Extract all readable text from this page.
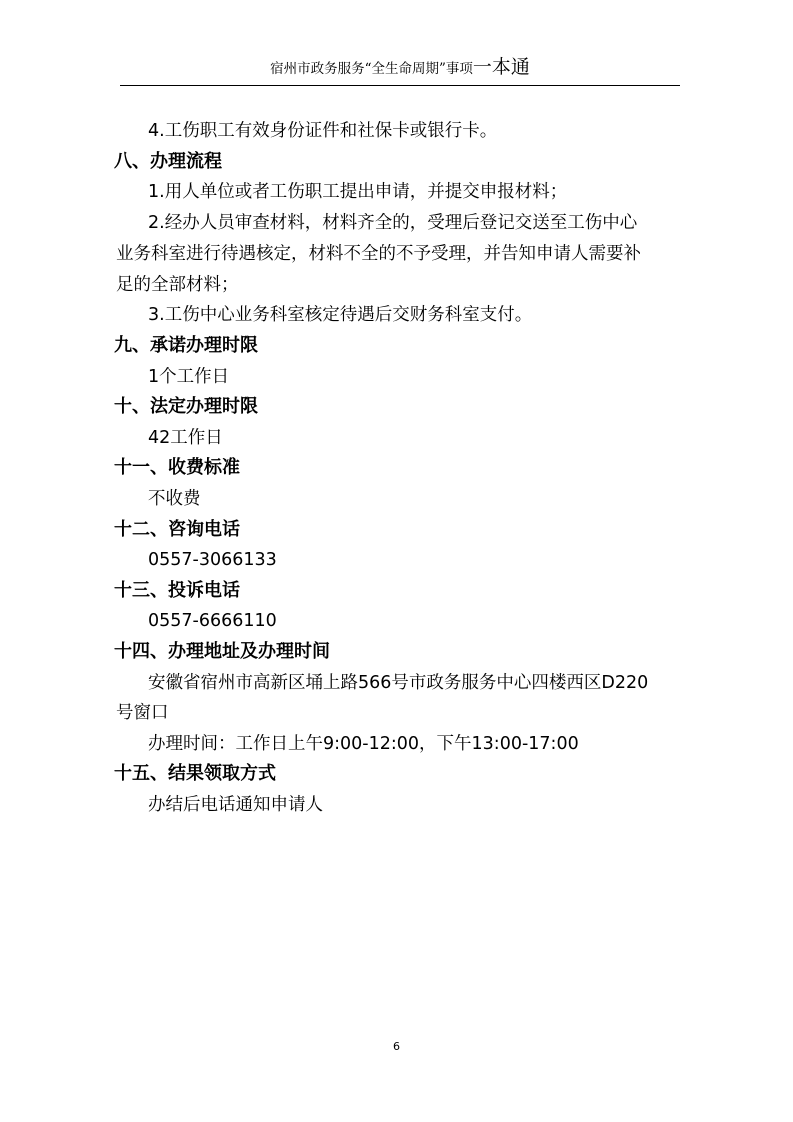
宿州市政务服务“全生命周期”事项一本通
4.工伤职工有效身份证件和社保卡或银行卡。
八、办理流程
1.用人单位或者工伤职工提出申请，并提交申报材料；
2.经办人员审查材料，材料齐全的，受理后登记交送至工伤中心
业务科室进行待遇核定，材料不全的不予受理，并告知申请人需要补
足的全部材料；
3.工伤中心业务科室核定待遇后交财务科室支付。
九、承诺办理时限
1个工作日
十、法定办理时限
42工作日
十一、收费标准
不收费
十二、咨询电话
0557-3066133
十三、投诉电话
0557-6666110
十四、办理地址及办理时间
安徽省宿州市高新区埇上路566号市政务服务中心四楼西区D220
号窗口
办理时间：工作日上午9:00-12:00，下午13:00-17:00
十五、结果领取方式
办结后电话通知申请人
6
